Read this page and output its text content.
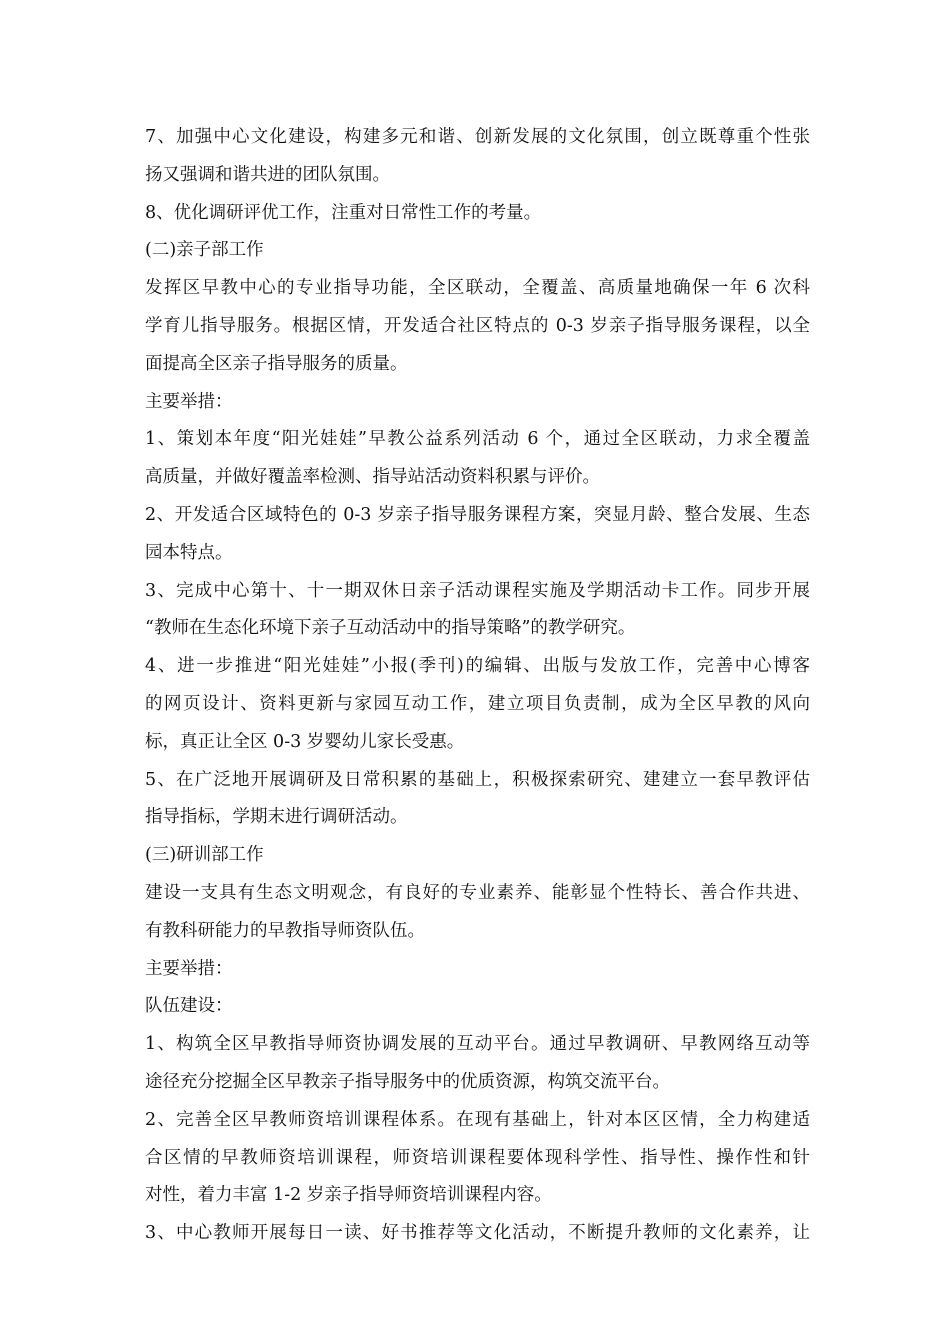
7、加强中心文化建设，构建多元和谐、创新发展的文化氛围，创立既尊重个性张
扬又强调和谐共进的团队氛围。
8、优化调研评优工作，注重对日常性工作的考量。
(二)亲子部工作
发挥区早教中心的专业指导功能，全区联动，全覆盖、高质量地确保一年 6 次科
学育儿指导服务。根据区情，开发适合社区特点的 0-3 岁亲子指导服务课程，以全
面提高全区亲子指导服务的质量。
主要举措：
1、策划本年度“阳光娃娃”早教公益系列活动 6 个，通过全区联动，力求全覆盖
高质量，并做好覆盖率检测、指导站活动资料积累与评价。
2、开发适合区域特色的 0-3 岁亲子指导服务课程方案，突显月龄、整合发展、生态
园本特点。
3、完成中心第十、十一期双休日亲子活动课程实施及学期活动卡工作。同步开展
“教师在生态化环境下亲子互动活动中的指导策略”的教学研究。
4、进一步推进“阳光娃娃”小报(季刊)的编辑、出版与发放工作，完善中心博客
的网页设计、资料更新与家园互动工作，建立项目负责制，成为全区早教的风向
标，真正让全区 0-3 岁婴幼儿家长受惠。
5、在广泛地开展调研及日常积累的基础上，积极探索研究、建建立一套早教评估
指导指标，学期末进行调研活动。
(三)研训部工作
建设一支具有生态文明观念，有良好的专业素养、能彰显个性特长、善合作共进、
有教科研能力的早教指导师资队伍。
主要举措：
队伍建设：
1、构筑全区早教指导师资协调发展的互动平台。通过早教调研、早教网络互动等
途径充分挖掘全区早教亲子指导服务中的优质资源，构筑交流平台。
2、完善全区早教师资培训课程体系。在现有基础上，针对本区区情，全力构建适
合区情的早教师资培训课程，师资培训课程要体现科学性、指导性、操作性和针
对性，着力丰富 1-2 岁亲子指导师资培训课程内容。
3、中心教师开展每日一读、好书推荐等文化活动，不断提升教师的文化素养，让
